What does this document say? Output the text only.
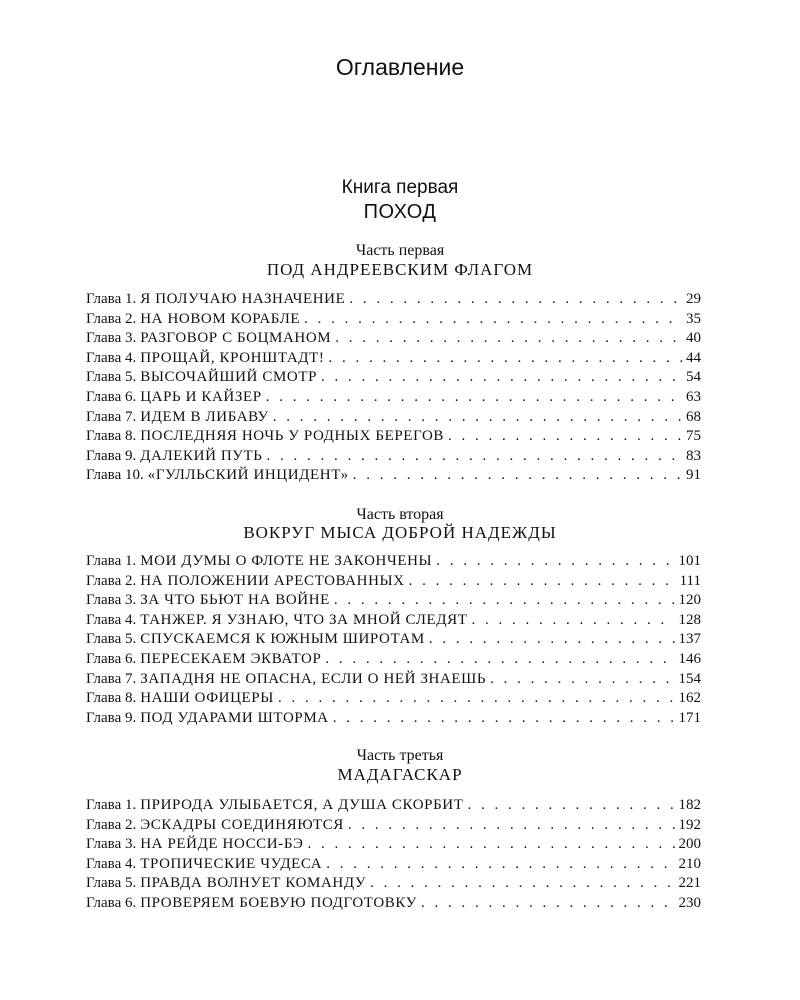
Оглавление
Книга первая
ПОХОД
Часть первая
ПОД АНДРЕЕВСКИМ ФЛАГОМ
Глава 1. Я ПОЛУЧАЮ НАЗНАЧЕНИЕ . . .	29
Глава 2. НА НОВОМ КОРАБЛЕ . . .	35
Глава 3. РАЗГОВОР С БОЦМАНОМ . . .	40
Глава 4. ПРОЩАЙ, КРОНШТАДТ! . . .	44
Глава 5. ВЫСОЧАЙШИЙ СМОТР . . .	54
Глава 6. ЦАРЬ И КАЙЗЕР . . .	63
Глава 7. ИДЕМ В ЛИБАВУ . . .	68
Глава 8. ПОСЛЕДНЯЯ НОЧЬ У РОДНЫХ БЕРЕГОВ . . .	75
Глава 9. ДАЛЕКИЙ ПУТЬ . . .	83
Глава 10. «ГУЛЛЬСКИЙ ИНЦИДЕНТ» . . .	91
Часть вторая
ВОКРУГ МЫСА ДОБРОЙ НАДЕЖДЫ
Глава 1. МОИ ДУМЫ О ФЛОТЕ НЕ ЗАКОНЧЕНЫ . . .	101
Глава 2. НА ПОЛОЖЕНИИ АРЕСТОВАННЫХ . . .	111
Глава 3. ЗА ЧТО БЬЮТ НА ВОЙНЕ . . .	120
Глава 4. ТАНЖЕР. Я УЗНАЮ, ЧТО ЗА МНОЙ СЛЕДЯТ . . .	128
Глава 5. СПУСКАЕМСЯ К ЮЖНЫМ ШИРОТАМ . . .	137
Глава 6. ПЕРЕСЕКАЕМ ЭКВАТОР . . .	146
Глава 7. ЗАПАДНЯ НЕ ОПАСНА, ЕСЛИ О НЕЙ ЗНАЕШЬ . . .	154
Глава 8. НАШИ ОФИЦЕРЫ . . .	162
Глава 9. ПОД УДАРАМИ ШТОРМА . . .	171
Часть третья
МАДАГАСКАР
Глава 1. ПРИРОДА УЛЫБАЕТСЯ, А ДУША СКОРБИТ . . .	182
Глава 2. ЭСКАДРЫ СОЕДИНЯЮТСЯ . . .	192
Глава 3. НА РЕЙДЕ НОССИ-БЭ . . .	200
Глава 4. ТРОПИЧЕСКИЕ ЧУДЕСА . . .	210
Глава 5. ПРАВДА ВОЛНУЕТ КОМАНДУ . . .	221
Глава 6. ПРОВЕРЯЕМ БОЕВУЮ ПОДГОТОВКУ . . .	230
